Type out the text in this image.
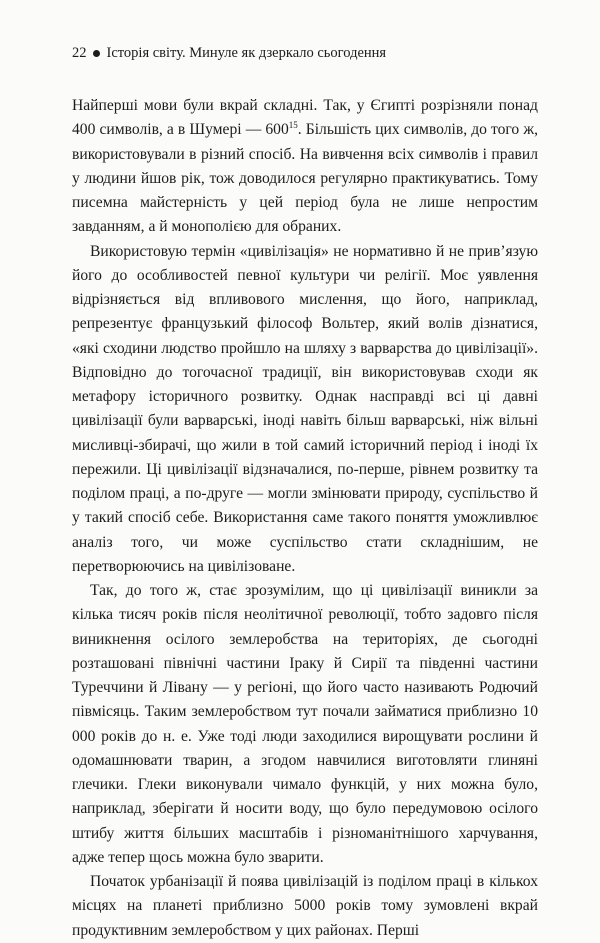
22 Історія світу. Минуле як дзеркало сьогодення

Найперші мови були вкрай складні. Так, у Єгипті розрізняли понад 400 символів, а в Шумері — $600^{15}$. Більшість цих символів, до того ж, використовували в різний спосіб. На вивчення всіх символів і правил у людини йшов рік, тож доводилося регулярно практикуватись. Тому писемна майстерність у цей період була не лише непростим завданням, а й монополією для обраних.

Використовую термін «цивілізація» не нормативно й не прив’язую його до особливостей певної культури чи релігії. Моє уявлення відрізняється від впливового мислення, що його, наприклад, репрезентує французький філософ Вольтер, який волів дізнатися, «які сходини людство пройшло на шляху з варварства до цивілізації». Відповідно до тогочасної традиції, він використовував сходи як метафору історичного розвитку. Однак насправді всі ці давні цивілізації були варварські, іноді навіть більш варварські, ніж вільні мисливці-збирачі, що жили в той самий історичний період і іноді їх пережили. Ці цивілізації відзначалися, по-перше, рівнем розвитку та поділом праці, а по-друге — могли змінювати природу, суспільство й у такий спосіб себе. Використання саме такого поняття уможливлює аналіз того, чи може суспільство стати складнішим, не перетворюючись на цивілізоване.

Так, до того ж, стає зрозумілим, що ці цивілізації виникли за кілька тисяч років після неолітичної революції, тобто задовго після виникнення осілого землеробства на територіях, де сьогодні розташовані північні частини Іраку й Сирії та південні частини Туреччини й Лівану — у регіоні, що його часто називають Родючий півмісяць. Таким землеробством тут почали займатися приблизно 10 000 років до н. е. Уже тоді люди заходилися вирощувати рослини й одомашнювати тварин, а згодом навчилися виготовляти глиняні глечики. Глеки виконували чимало функцій, у них можна було, наприклад, зберігати й носити воду, що було передумовою осілого штибу життя більших масштабів і різноманітнішого харчування, адже тепер щось можна було зварити.

Початок урбанізації й поява цивілізацій із поділом праці в кількох місцях на планеті приблизно 5000 років тому зумовлені вкрай продуктивним землеробством у цих районах. Перші
